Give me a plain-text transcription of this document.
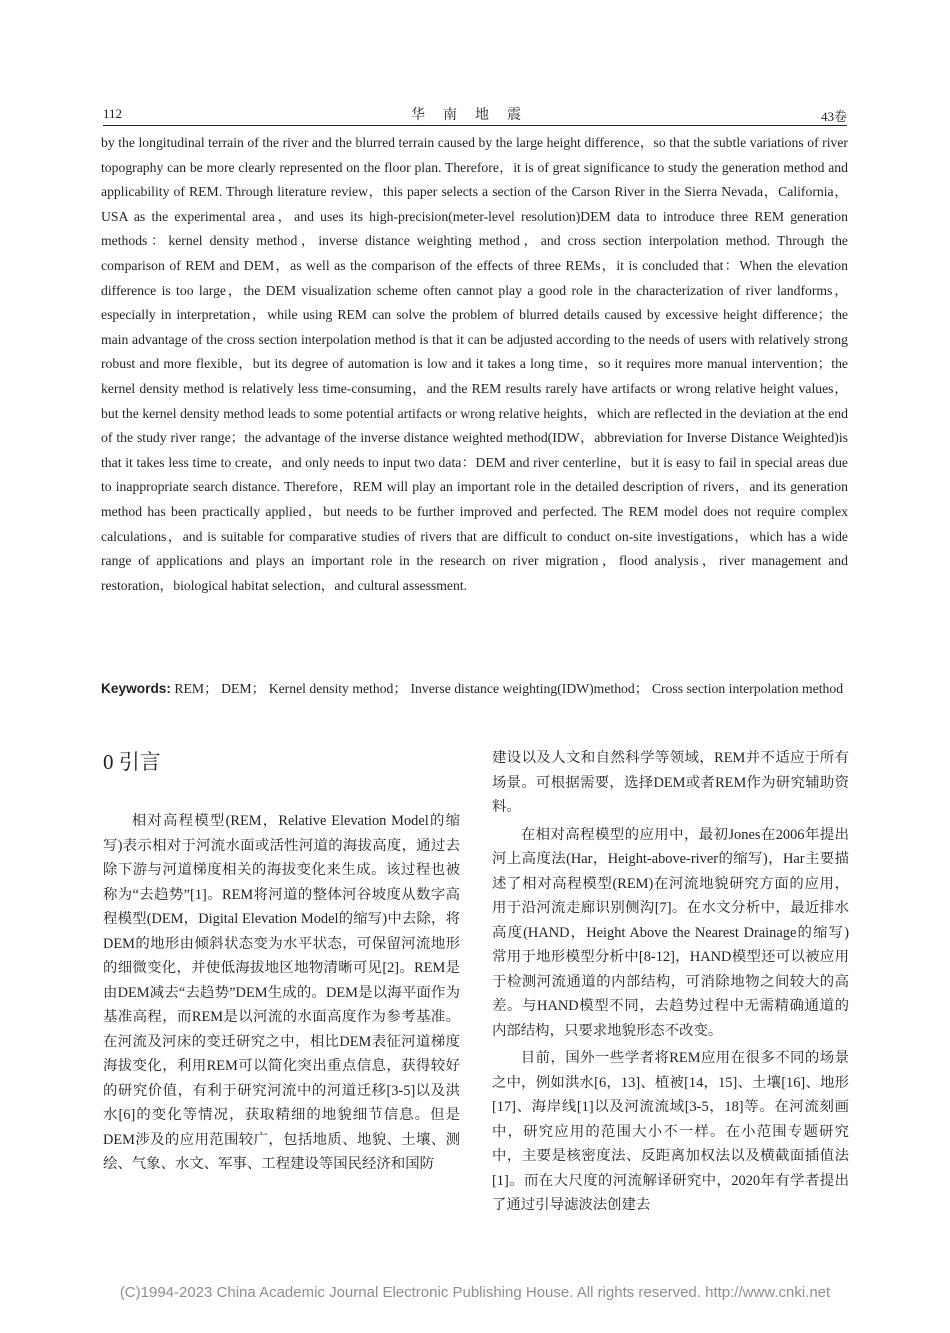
112	华南地震	43卷

by the longitudinal terrain of the river and the blurred terrain caused by the large height difference，so that the subtle variations of river topography can be more clearly represented on the floor plan. Therefore，it is of great significance to study the generation method and applicability of REM. Through literature review，this paper selects a section of the Carson River in the Sierra Nevada，California，USA as the experimental area，and uses its high-precision(meter-level resolution)DEM data to introduce three REM generation methods：kernel density method，inverse distance weighting method，and cross section interpolation method. Through the comparison of REM and DEM，as well as the comparison of the effects of three REMs，it is concluded that：When the elevation difference is too large，the DEM visualization scheme often cannot play a good role in the characterization of river landforms，especially in interpretation，while using REM can solve the problem of blurred details caused by excessive height difference；the main advantage of the cross section interpolation method is that it can be adjusted according to the needs of users with relatively strong robust and more flexible，but its degree of automation is low and it takes a long time，so it requires more manual intervention；the kernel density method is relatively less time-consuming，and the REM results rarely have artifacts or wrong relative height values，but the kernel density method leads to some potential artifacts or wrong relative heights，which are reflected in the deviation at the end of the study river range；the advantage of the inverse distance weighted method(IDW，abbreviation for Inverse Distance Weighted)is that it takes less time to create，and only needs to input two data：DEM and river centerline，but it is easy to fail in special areas due to inappropriate search distance. Therefore，REM will play an important role in the detailed description of rivers，and its generation method has been practically applied，but needs to be further improved and perfected. The REM model does not require complex calculations，and is suitable for comparative studies of rivers that are difficult to conduct on-site investigations，which has a wide range of applications and plays an important role in the research on river migration，flood analysis，river management and restoration，biological habitat selection，and cultural assessment.

Keywords: REM； DEM； Kernel density method； Inverse distance weighting(IDW)method； Cross section interpolation method

0 引言

相对高程模型(REM，Relative Elevation Model的缩写)表示相对于河流水面或活性河道的海拔高度，通过去除下游与河道梯度相关的海拔变化来生成。该过程也被称为“去趋势”[1]。REM将河道的整体河谷坡度从数字高程模型(DEM，Digital Elevation Model的缩写)中去除，将DEM的地形由倾斜状态变为水平状态，可保留河流地形的细微变化，并使低海拔地区地物清晰可见[2]。REM是由DEM减去“去趋势”DEM生成的。DEM是以海平面作为基准高程，而REM是以河流的水面高度作为参考基准。在河流及河床的变迁研究之中，相比DEM表征河道梯度海拔变化，利用REM可以简化突出重点信息，获得较好的研究价值，有利于研究河流中的河道迁移[3-5]以及洪水[6]的变化等情况，获取精细的地貌细节信息。但是DEM涉及的应用范围较广，包括地质、地貌、土壤、测绘、气象、水文、军事、工程建设等国民经济和国防

建设以及人文和自然科学等领域，REM并不适应于所有场景。可根据需要，选择DEM或者REM作为研究辅助资料。

在相对高程模型的应用中，最初Jones在2006年提出河上高度法(Har，Height-above-river的缩写)，Har主要描述了相对高程模型(REM)在河流地貌研究方面的应用，用于沿河流走廊识别侧沟[7]。在水文分析中，最近排水高度(HAND，Height Above the Nearest Drainage的缩写)常用于地形模型分析中[8-12]，HAND模型还可以被应用于检测河流通道的内部结构，可消除地物之间较大的高差。与HAND模型不同，去趋势过程中无需精确通道的内部结构，只要求地貌形态不改变。

目前，国外一些学者将REM应用在很多不同的场景之中，例如洪水[6，13]、植被[14，15]、土壤[16]、地形[17]、海岸线[1]以及河流流域[3-5，18]等。在河流刻画中，研究应用的范围大小不一样。在小范围专题研究中，主要是核密度法、反距离加权法以及横截面插值法[1]。而在大尺度的河流解译研究中，2020年有学者提出了通过引导滤波法创建去

(C)1994-2023 China Academic Journal Electronic Publishing House. All rights reserved. http://www.cnki.net
